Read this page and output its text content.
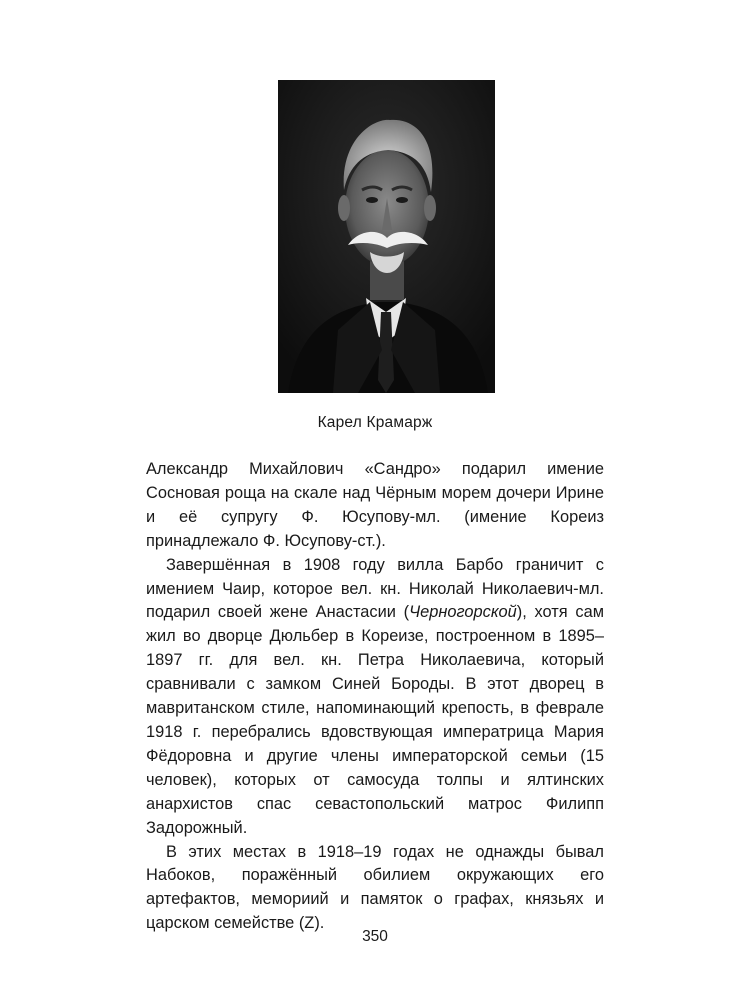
Карел Крамарж

Александр Михайлович «Сандро» подарил имение Сосновая роща на скале над Чёрным морем дочери Ирине и её супругу Ф. Юсупову-мл. (имение Кореиз принадлежало Ф. Юсупову-ст.).

Завершённая в 1908 году вилла Барбо граничит с имением Чаир, которое вел. кн. Николай Николаевич-мл. подарил своей жене Анастасии (Черногорской), хотя сам жил во дворце Дюльбер в Кореизе, построенном в 1895–1897 гг. для вел. кн. Петра Николаевича, который сравнивали с замком Синей Бороды. В этот дворец в мавританском стиле, напоминающий крепость, в феврале 1918 г. перебрались вдовствующая императрица Мария Фёдоровна и другие члены императорской семьи (15 человек), которых от самосуда толпы и ялтинских анархистов спас севастопольский матрос Филипп Задорожный.

В этих местах в 1918–19 годах не однажды бывал Набоков, поражённый обилием окружающих его артефактов, мемориий и памяток о графах, князьях и царском семействе (Z).

350
